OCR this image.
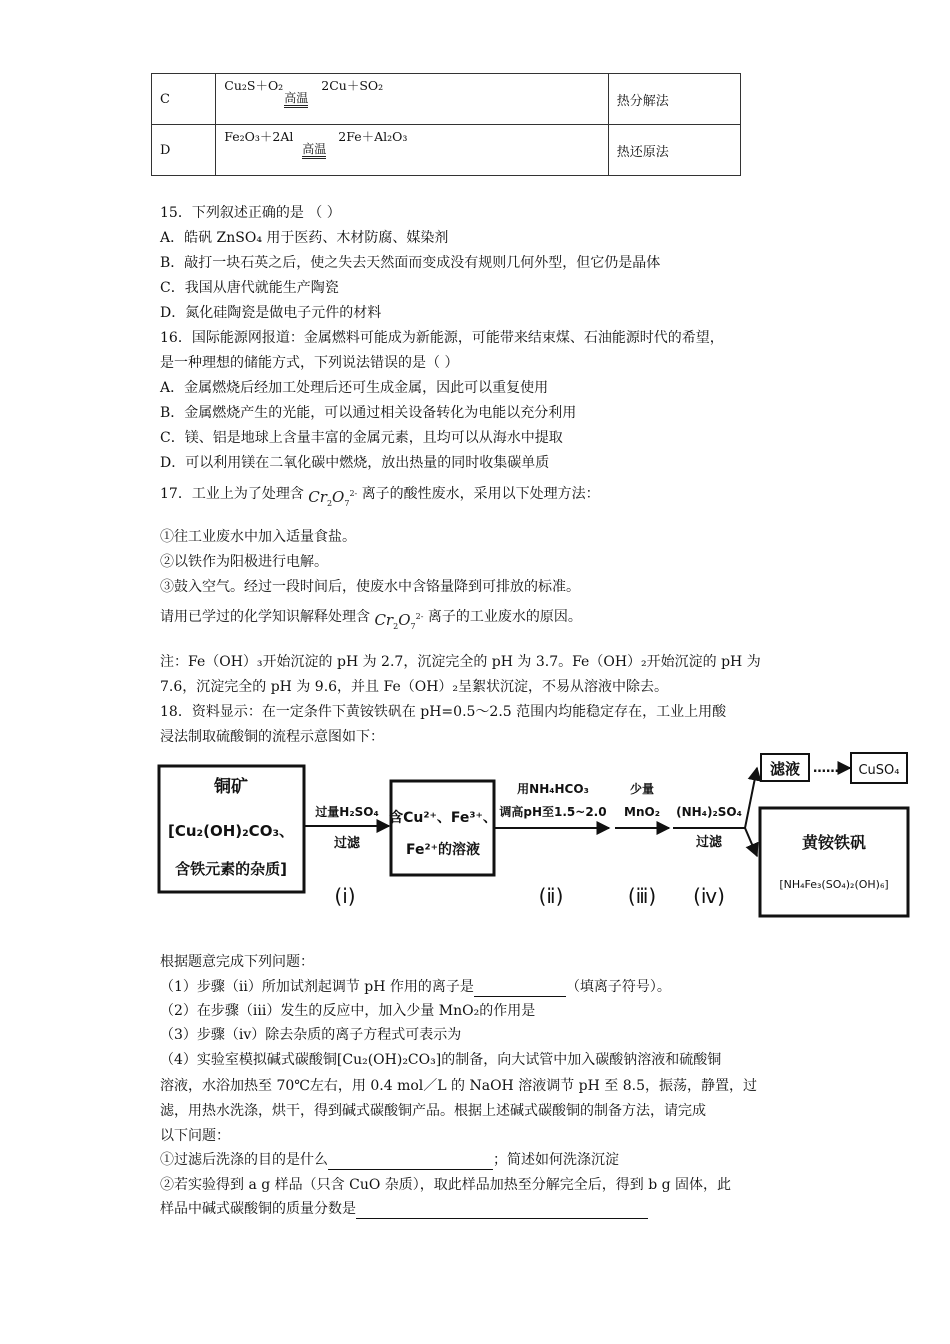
C	Cu₂S＋O₂
高温
2Cu＋SO₂	热分解法
D	Fe₂O₃＋2Al
高温
2Fe＋Al₂O₃	热还原法
15．下列叙述正确的是 （ ）
A．皓矾 ZnSO₄ 用于医药、木材防腐、媒染剂
B．敲打一块石英之后，使之失去天然面而变成没有规则几何外型，但它仍是晶体
C．我国从唐代就能生产陶瓷
D．氮化硅陶瓷是做电子元件的材料
16．国际能源网报道：金属燃料可能成为新能源，可能带来结束煤、石油能源时代的希望，
是一种理想的储能方式，下列说法错误的是（ ）
A．金属燃烧后经加工处理后还可生成金属，因此可以重复使用
B．金属燃烧产生的光能，可以通过相关设备转化为电能以充分利用
C．镁、铝是地球上含量丰富的金属元素，且均可以从海水中提取
D．可以利用镁在二氧化碳中燃烧，放出热量的同时收集碳单质
17．工业上为了处理含 $Cr_2O_7^{2-}$ 离子的酸性废水，采用以下处理方法：
①往工业废水中加入适量食盐。
②以铁作为阳极进行电解。
③鼓入空气。经过一段时间后，使废水中含铬量降到可排放的标准。
请用已学过的化学知识解释处理含 $Cr_2O_7^{2-}$ 离子的工业废水的原因。
注：Fe（OH）₃开始沉淀的 pH 为 2.7，沉淀完全的 pH 为 3.7。Fe（OH）₂开始沉淀的 pH 为
7.6，沉淀完全的 pH 为 9.6，并且 Fe（OH）₂呈絮状沉淀，不易从溶液中除去。
18．资料显示：在一定条件下黄铵铁矾在 pH=0.5～2.5 范围内均能稳定存在，工业上用酸
浸法制取硫酸铜的流程示意图如下：
铜矿
[Cu₂(OH)₂CO₃、
含铁元素的杂质]
过量H₂SO₄
过滤
(ⅰ)
含Cu²⁺、Fe³⁺、
Fe²⁺的溶液
用NH₄HCO₃
调高pH至1.5~2.0
(ⅱ)
少量
MnO₂
(ⅲ)
(NH₄)₂SO₄
过滤
(ⅳ)
滤液 …… CuSO₄
黄铵铁矾
[NH₄Fe₃(SO₄)₂(OH)₆]
根据题意完成下列问题：
（1）步骤（ii）所加试剂起调节 pH 作用的离子是	（填离子符号）。
（2）在步骤（iii）发生的反应中，加入少量 MnO₂的作用是
（3）步骤（iv）除去杂质的离子方程式可表示为
（4）实验室模拟碱式碳酸铜[Cu₂(OH)₂CO₃]的制备，向大试管中加入碳酸钠溶液和硫酸铜
溶液，水浴加热至 70℃左右，用 0.4 mol／L 的 NaOH 溶液调节 pH 至 8.5，振荡，静置，过
滤，用热水洗涤，烘干，得到碱式碳酸铜产品。根据上述碱式碳酸铜的制备方法，请完成
以下问题：
①过滤后洗涤的目的是什么	；简述如何洗涤沉淀
②若实验得到 a g 样品（只含 CuO 杂质），取此样品加热至分解完全后，得到 b g 固体，此
样品中碱式碳酸铜的质量分数是
